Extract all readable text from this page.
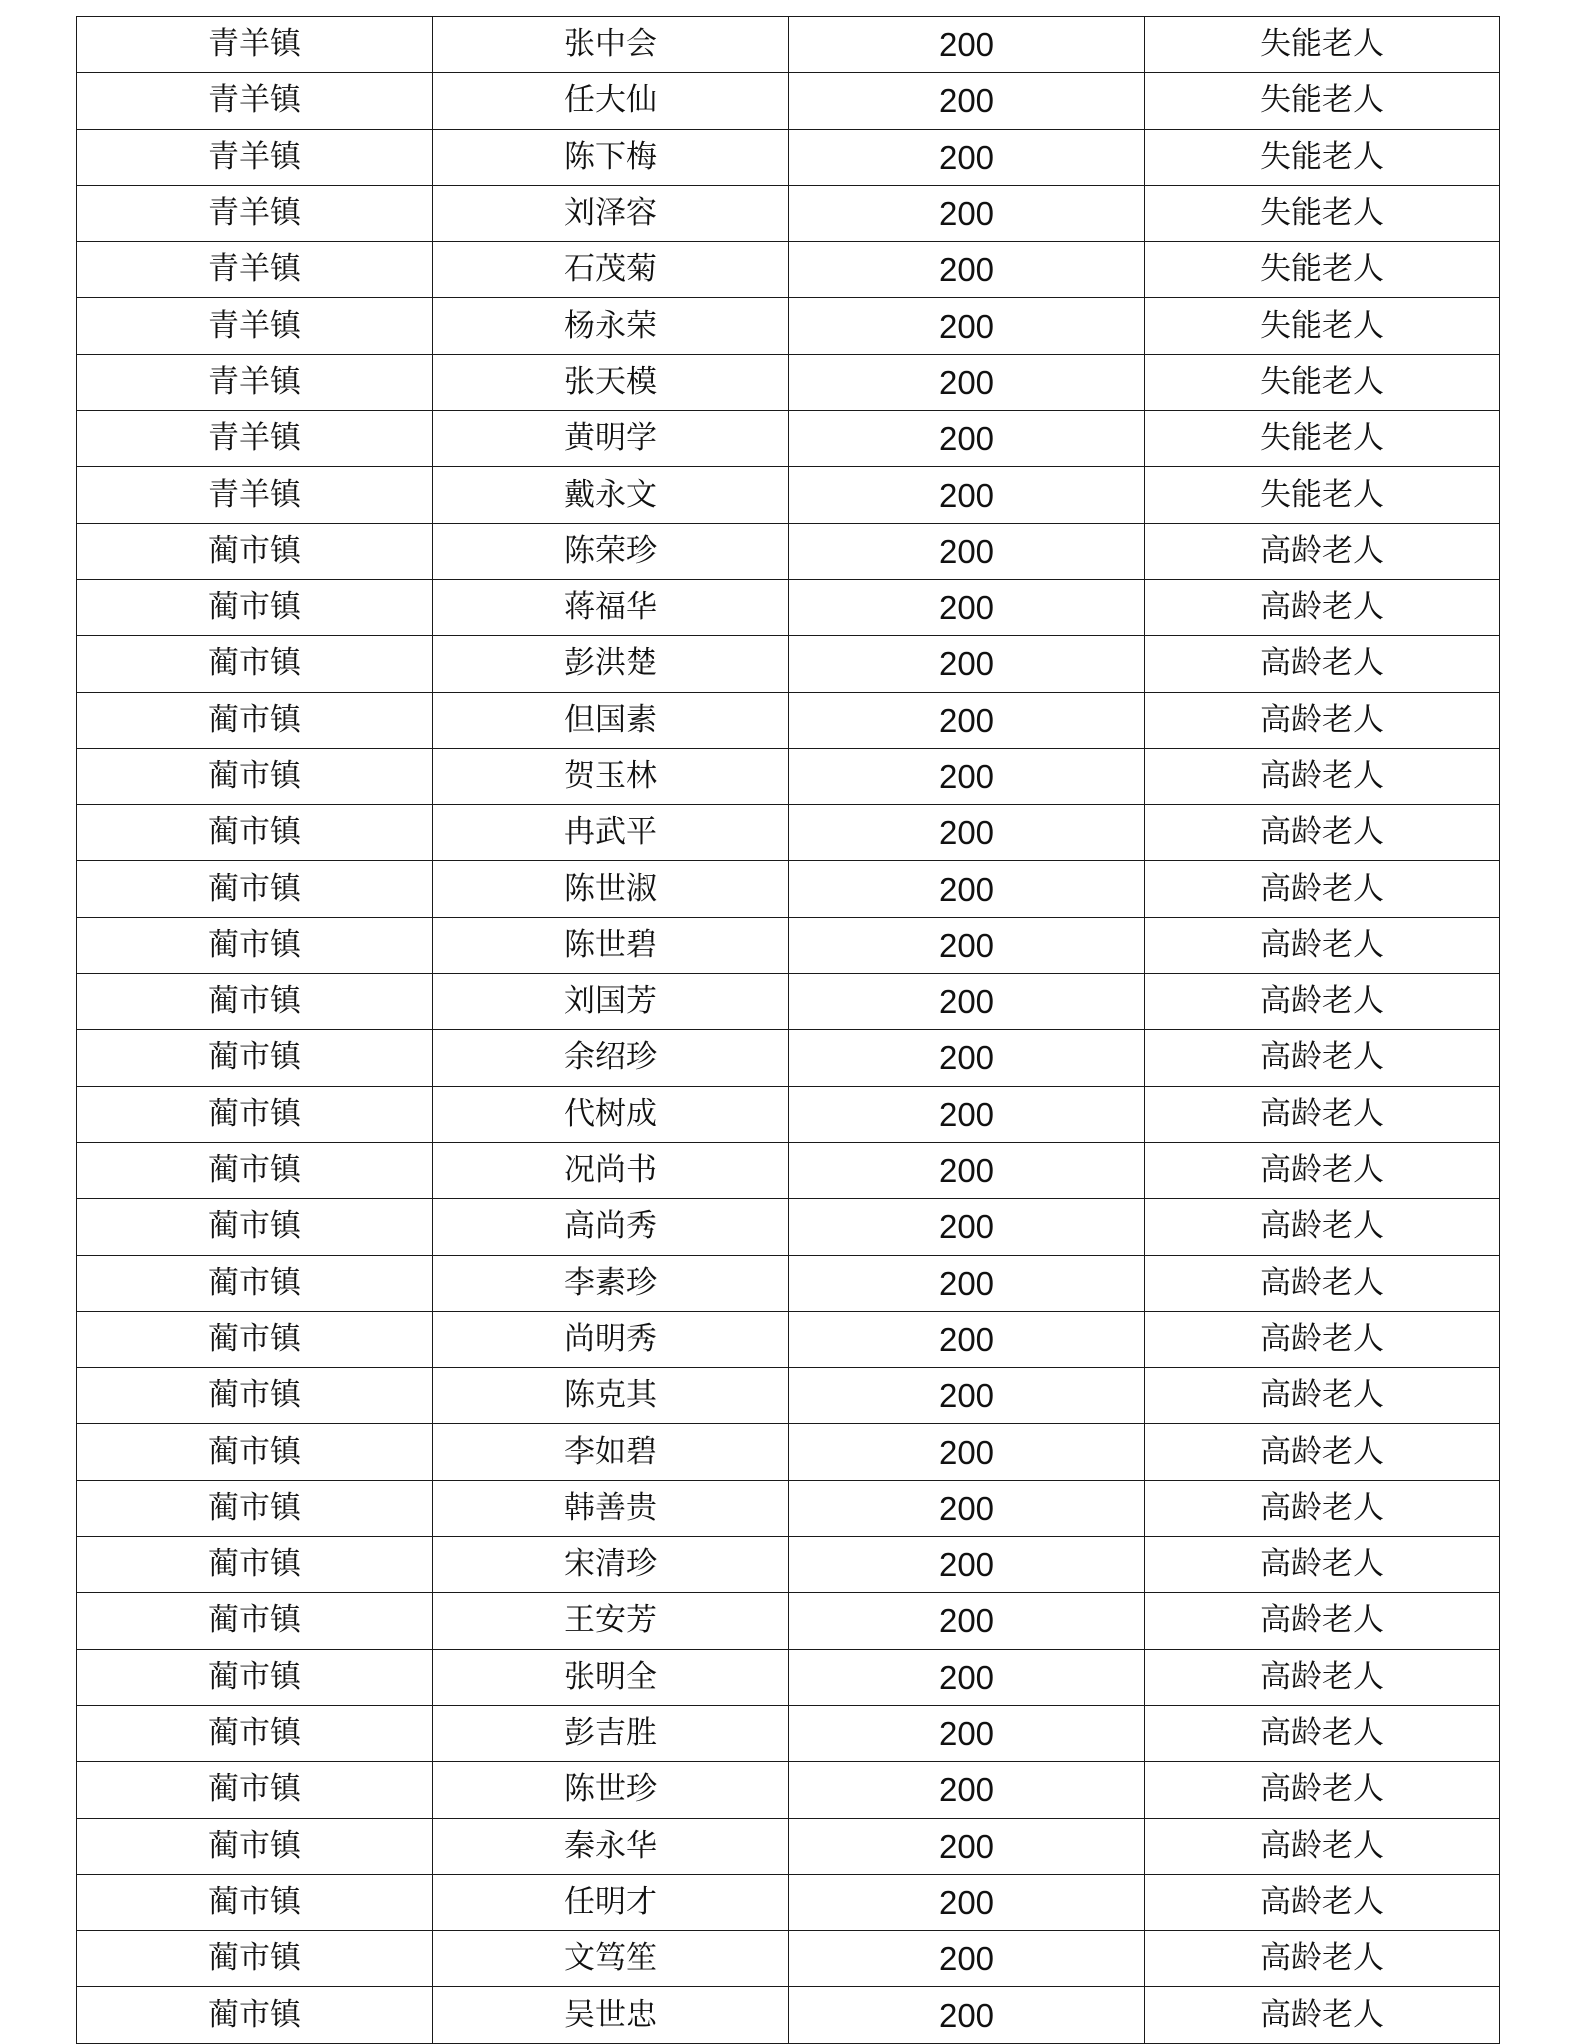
青羊镇	张中会	200	失能老人
青羊镇	任大仙	200	失能老人
青羊镇	陈下梅	200	失能老人
青羊镇	刘泽容	200	失能老人
青羊镇	石茂菊	200	失能老人
青羊镇	杨永荣	200	失能老人
青羊镇	张天模	200	失能老人
青羊镇	黄明学	200	失能老人
青羊镇	戴永文	200	失能老人
蔺市镇	陈荣珍	200	高龄老人
蔺市镇	蒋福华	200	高龄老人
蔺市镇	彭洪楚	200	高龄老人
蔺市镇	但国素	200	高龄老人
蔺市镇	贺玉林	200	高龄老人
蔺市镇	冉武平	200	高龄老人
蔺市镇	陈世淑	200	高龄老人
蔺市镇	陈世碧	200	高龄老人
蔺市镇	刘国芳	200	高龄老人
蔺市镇	余绍珍	200	高龄老人
蔺市镇	代树成	200	高龄老人
蔺市镇	况尚书	200	高龄老人
蔺市镇	高尚秀	200	高龄老人
蔺市镇	李素珍	200	高龄老人
蔺市镇	尚明秀	200	高龄老人
蔺市镇	陈克其	200	高龄老人
蔺市镇	李如碧	200	高龄老人
蔺市镇	韩善贵	200	高龄老人
蔺市镇	宋清珍	200	高龄老人
蔺市镇	王安芳	200	高龄老人
蔺市镇	张明全	200	高龄老人
蔺市镇	彭吉胜	200	高龄老人
蔺市镇	陈世珍	200	高龄老人
蔺市镇	秦永华	200	高龄老人
蔺市镇	任明才	200	高龄老人
蔺市镇	文笃笙	200	高龄老人
蔺市镇	吴世忠	200	高龄老人
